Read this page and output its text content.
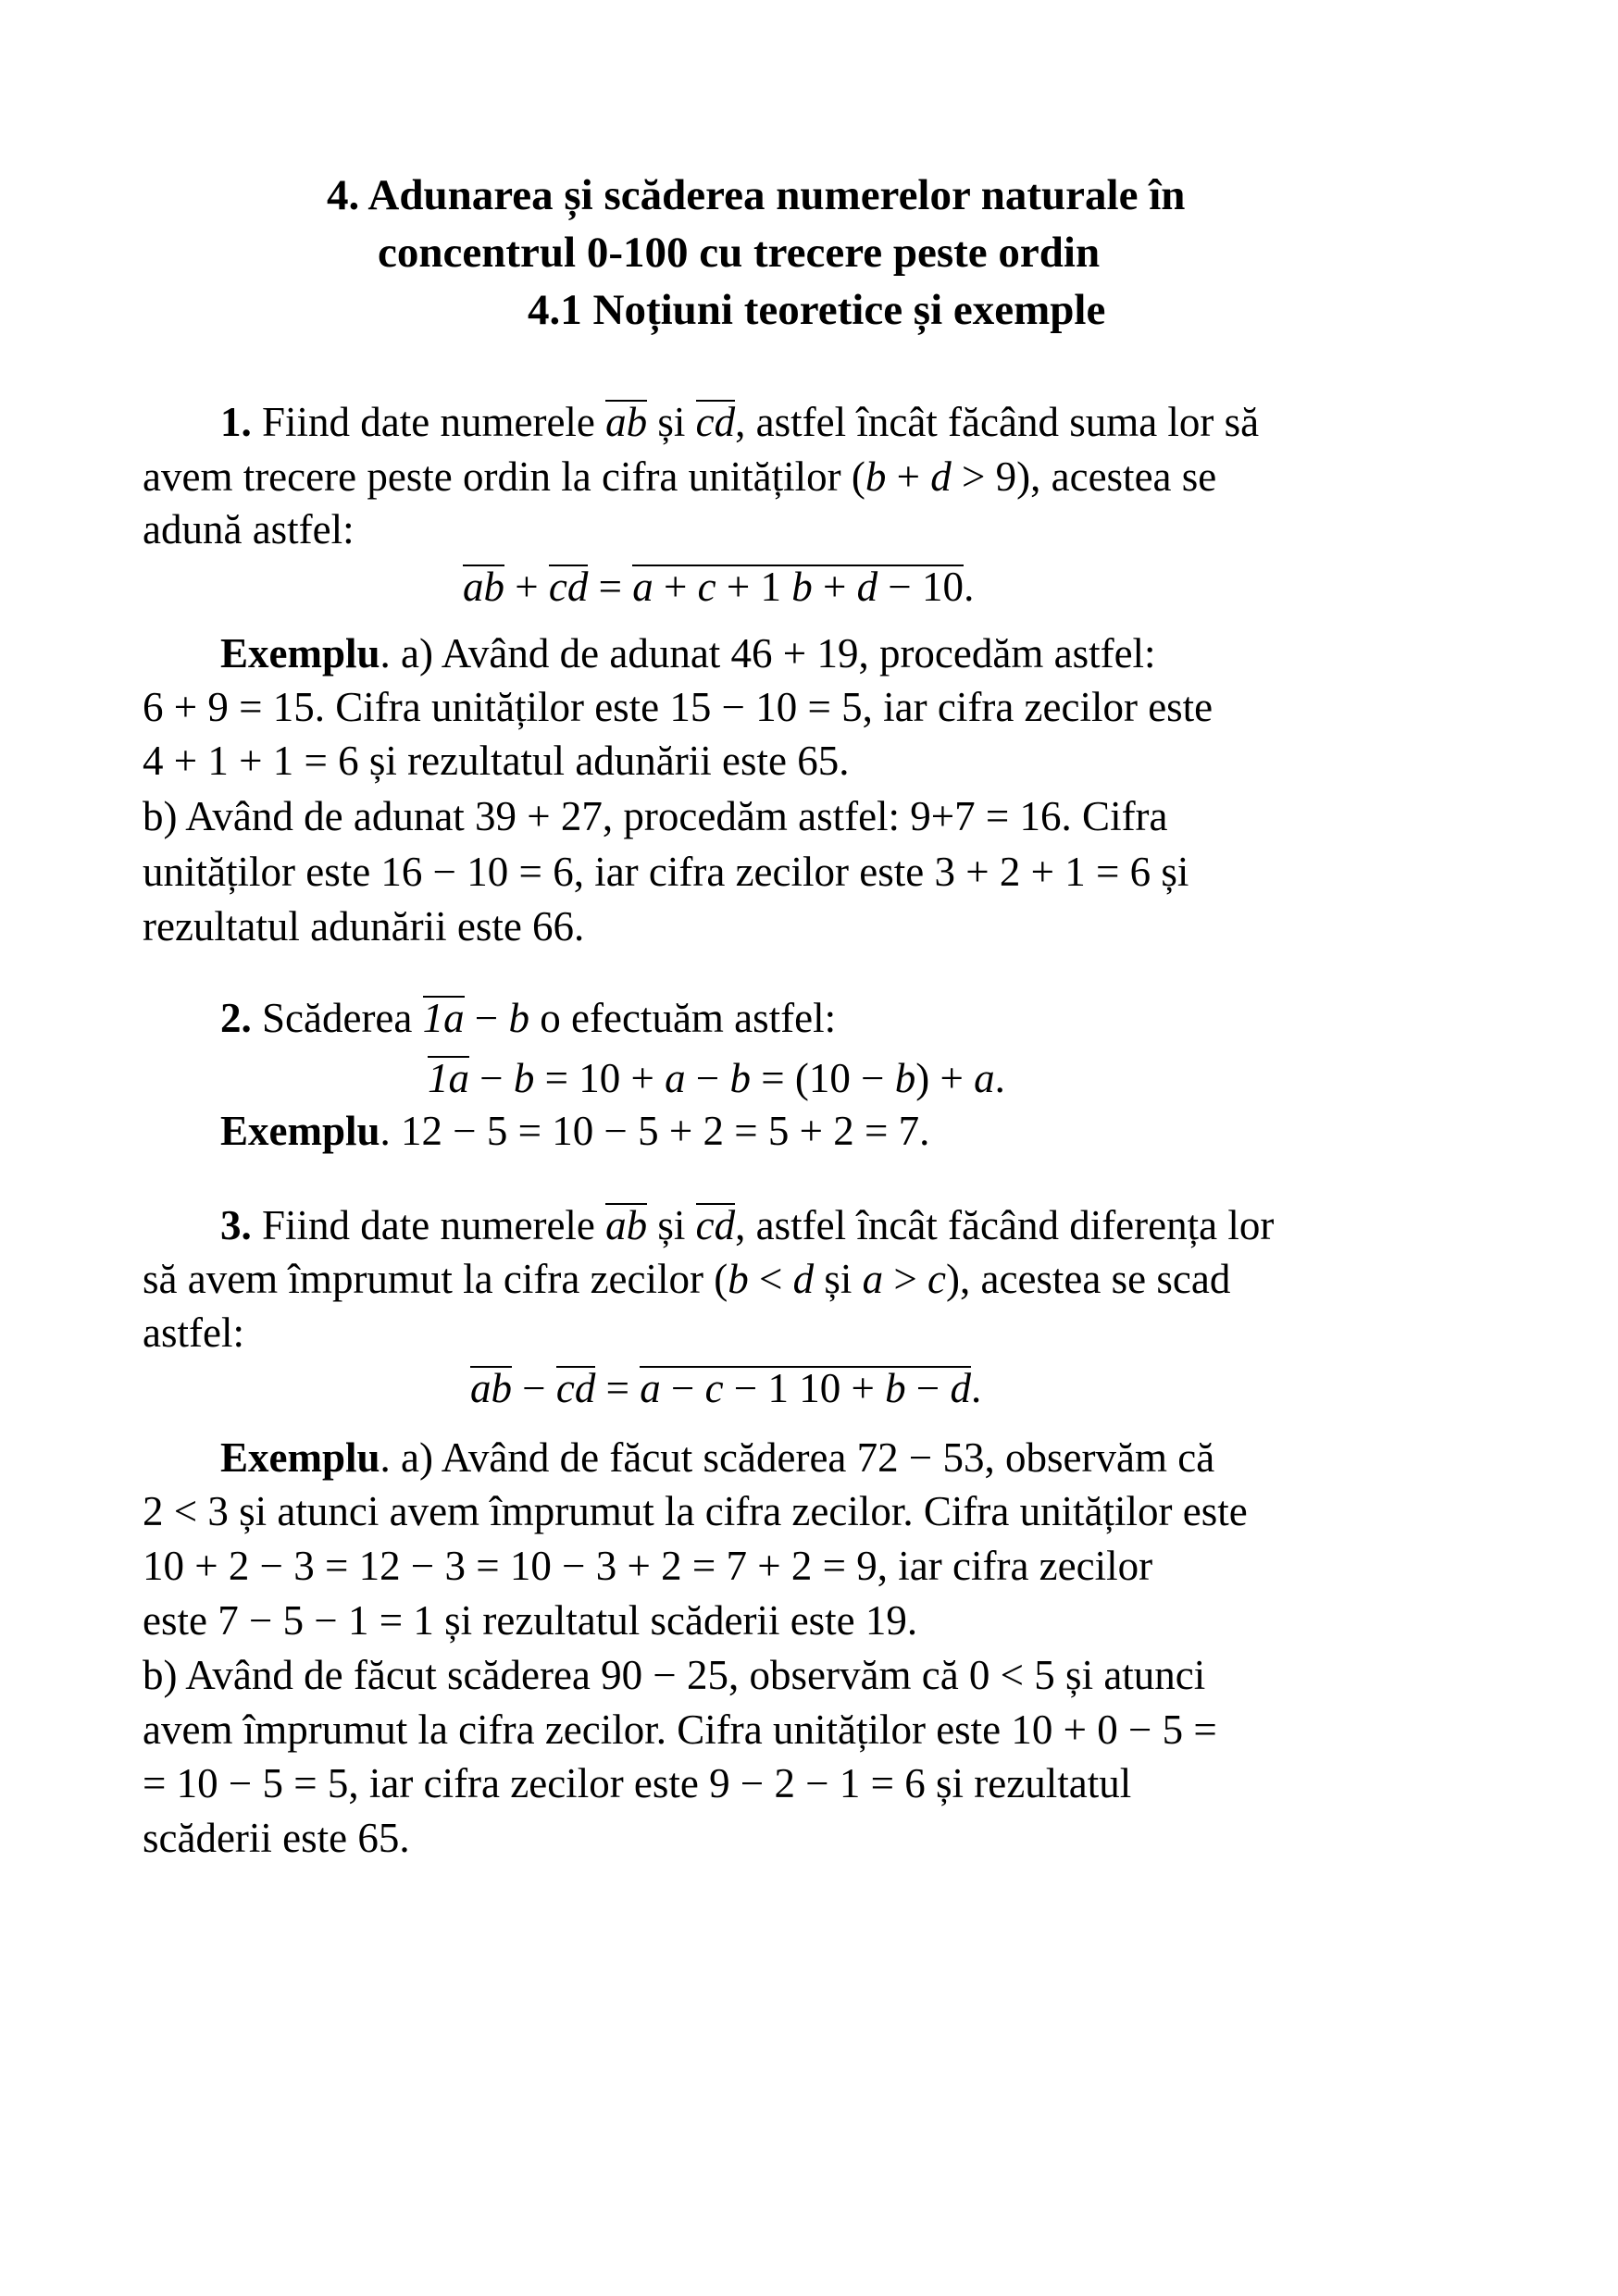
4. Adunarea și scăderea numerelor naturale în
concentrul 0-100 cu trecere peste ordin
4.1 Noțiuni teoretice și exemple
1. Fiind date numerele ab și cd, astfel încât făcând suma lor să
avem trecere peste ordin la cifra unităților (b + d > 9), acestea se
adună astfel:
ab + cd = a + c + 1 b + d − 10.
Exemplu. a) Având de adunat 46 + 19, procedăm astfel:
6 + 9 = 15. Cifra unităților este 15 − 10 = 5, iar cifra zecilor este
4 + 1 + 1 = 6 și rezultatul adunării este 65.
b) Având de adunat 39 + 27, procedăm astfel: 9+7 = 16. Cifra
unităților este 16 − 10 = 6, iar cifra zecilor este 3 + 2 + 1 = 6 și
rezultatul adunării este 66.
2. Scăderea 1a − b o efectuăm astfel:
1a − b = 10 + a − b = (10 − b) + a.
Exemplu. 12 − 5 = 10 − 5 + 2 = 5 + 2 = 7.
3. Fiind date numerele ab și cd, astfel încât făcând diferența lor
să avem împrumut la cifra zecilor (b < d și a > c), acestea se scad
astfel:
ab − cd = a − c − 1 10 + b − d.
Exemplu. a) Având de făcut scăderea 72 − 53, observăm că
2 < 3 și atunci avem împrumut la cifra zecilor. Cifra unităților este
10 + 2 − 3 = 12 − 3 = 10 − 3 + 2 = 7 + 2 = 9, iar cifra zecilor
este 7 − 5 − 1 = 1 și rezultatul scăderii este 19.
b) Având de făcut scăderea 90 − 25, observăm că 0 < 5 și atunci
avem împrumut la cifra zecilor. Cifra unităților este 10 + 0 − 5 =
= 10 − 5 = 5, iar cifra zecilor este 9 − 2 − 1 = 6 și rezultatul
scăderii este 65.
